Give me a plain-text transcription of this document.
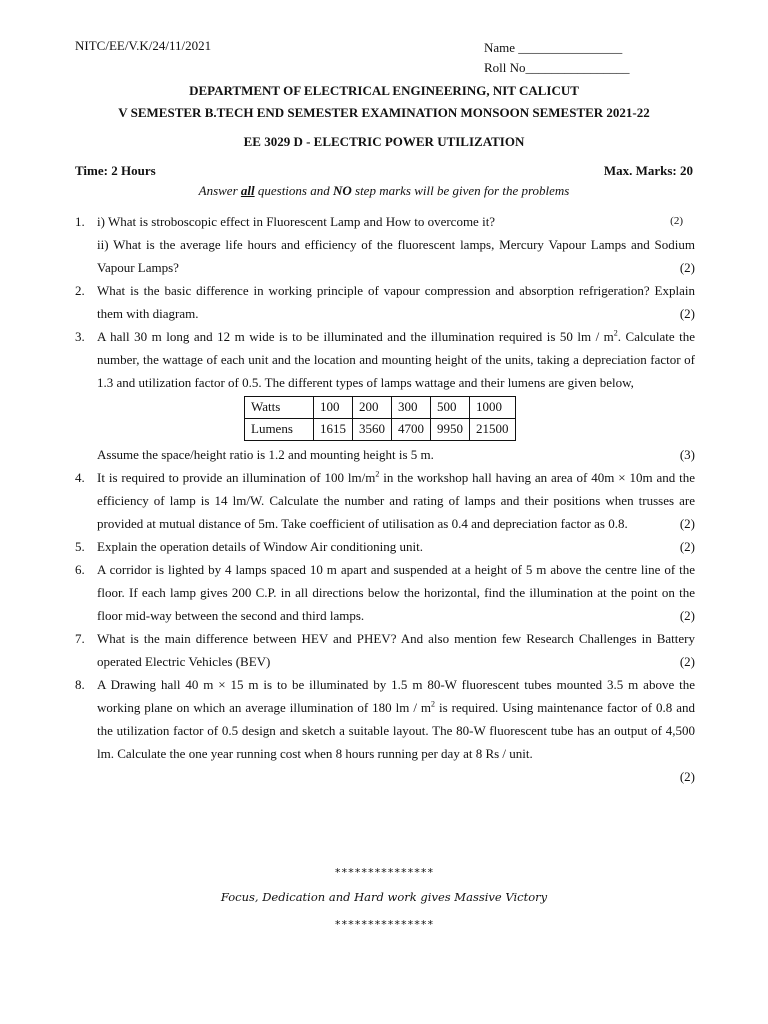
NITC/EE/V.K/24/11/2021	Name ________________
Roll No________________
DEPARTMENT OF ELECTRICAL ENGINEERING, NIT CALICUT
V SEMESTER B.TECH END SEMESTER EXAMINATION MONSOON SEMESTER 2021-22
EE 3029 D - ELECTRIC POWER UTILIZATION
Time: 2 Hours	Max. Marks: 20
Answer all questions and NO step marks will be given for the problems
1. i) What is stroboscopic effect in Fluorescent Lamp and How to overcome it?	(2)

ii) What is the average life hours and efficiency of the fluorescent lamps, Mercury Vapour Lamps and Sodium Vapour Lamps?	(2)

2. What is the basic difference in working principle of vapour compression and absorption refrigeration? Explain them with diagram.	(2)

3. A hall 30 m long and 12 m wide is to be illuminated and the illumination required is 50 lm / $m^2$. Calculate the number, the wattage of each unit and the location and mounting height of the units, taking a depreciation factor of 1.3 and utilization factor of 0.5. The different types of lamps wattage and their lumens are given below,

Watts	100	200	300	500	1000
Lumens	1615	3560	4700	9950	21500

Assume the space/height ratio is 1.2 and mounting height is 5 m.	(3)

4. It is required to provide an illumination of 100 $lm/m^2$ in the workshop hall having an area of 40m × 10m and the efficiency of lamp is 14 lm/W. Calculate the number and rating of lamps and their positions when trusses are provided at mutual distance of 5m. Take coefficient of utilisation as 0.4 and depreciation factor as 0.8.	(2)

5. Explain the operation details of Window Air conditioning unit.	(2)

6. A corridor is lighted by 4 lamps spaced 10 m apart and suspended at a height of 5 m above the centre line of the floor. If each lamp gives 200 C.P. in all directions below the horizontal, find the illumination at the point on the floor mid-way between the second and third lamps.	(2)

7. What is the main difference between HEV and PHEV? And also mention few Research Challenges in Battery operated Electric Vehicles (BEV)	(2)

8. A Drawing hall 40 m × 15 m is to be illuminated by 1.5 m 80-W fluorescent tubes mounted 3.5 m above the working plane on which an average illumination of 180 lm / $m^2$ is required. Using maintenance factor of 0.8 and the utilization factor of 0.5 design and sketch a suitable layout. The 80-W fluorescent tube has an output of 4,500 lm. Calculate the one year running cost when 8 hours running per day at 8 Rs / unit.

(2)

***************
Focus, Dedication and Hard work gives Massive Victory
***************
